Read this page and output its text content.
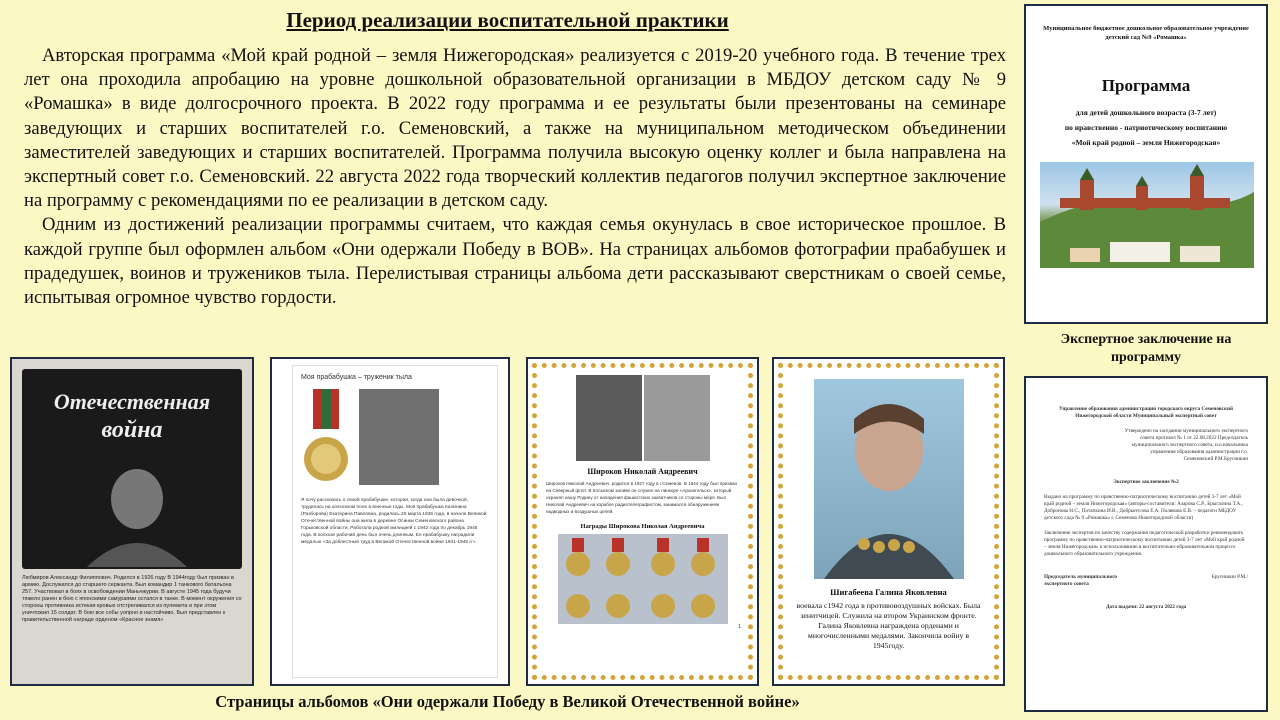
Период реализации воспитательной практики

Авторская программа «Мой край родной – земля Нижегородская» реализуется с 2019-20 учебного года. В течение трех лет она проходила апробацию на уровне дошкольной образовательной организации в МБДОУ детском саду № 9 «Ромашка» в виде долгосрочного проекта. В 2022 году программа и ее результаты были презентованы на семинаре заведующих и старших воспитателей г.о. Семеновский, а также на муниципальном методическом объединении заместителей заведующих и старших воспитателей. Программа получила высокую оценку коллег и была направлена на экспертный совет г.о. Семеновский. 22 августа 2022 года творческий коллектив педагогов получил экспертное заключение на программу с рекомендациями по ее реализации в детском саду.

Одним из достижений реализации программы считаем, что каждая семья окунулась в свое историческое прошлое. В каждой группе был оформлен альбом «Они одержали Победу в ВОВ». На страницах альбомов фотографии прабабушек и прадедушек, воинов и тружеников тыла. Перелистывая страницы альбома дети рассказывают сверстникам о своей семье, испытывая огромное чувство гордости.

Муниципальное бюджетное дошкольное образовательное учреждение детский сад №9 «Ромашка»
Программа
для детей дошкольного возраста (3-7 лет)
по нравственно - патриотическому воспитанию
«Мой край родной – земля Нижегородская»
Экспертное заключение на программу
Управление образования администрации городского округа Семеновский Нижегородской области Муниципальный экспертный совет
Утверждено на заседании муниципального экспертного совета протокол № 1 от 22.08.2022 Председатель муниципального экспертного совета, и.о.начальника управления образования администрации г.о. Семеновский Р.М.Брусникин
Экспертное заключение №2
Выдано на программу по нравственно-патриотическому воспитанию детей 3-7 лет «Мой край родной – земля Нижегородская» (авторы-составители: Азарова С.Р., Брыгалина Т.А., Добронова Н.С., Потапкина И.В., Добрынтсова Е.А. Полякова Е.В. – педагоги МБДОУ детского сада № 9 «Ромашка» г. Семенова Нижегородской области)
Заключение экспертов по качеству содержания педагогической разработки рекомендовать программу по нравственно-патриотическому воспитанию детей 3-7 лет «Мой край родной – земля Нижегородская» к использованию в воспитательно-образовательном процессе дошкольного образовательного учреждения.
Председатель муниципального экспертного совета
Брусникин Р.М./
Дата выдачи: 22 августа 2022 года
Отечественная
война
Любмиров Александр Филиппович. Родился в 1926 году В 1944году был призван в армию. Дослужился до старшего сержанта. Был командир 1 танкового батальона 257. Участвовал в боях в освобождении Маньчжурии. В августе 1945 года будучи тяжело ранен в бою с японскими самураями остался в танке. В момент окружения со стороны противника истекая кровью отстреливался из пулемета и при этом уничтожил 15 солдат. В бою все собы уопрно и настойчиво. Был представлен к правительственной награде орденом «Красное знамя»
Моя прабабушка – труженик тыла
Я хочу рассказать о своей прабабушке, которая, когда она была девочкой, трудилась на колхозном поле в военные годы. Моя прабабушка Калинина (Разборова) Екатерина Павловна, родилась 20 марта 1936 года, в начале Великой Отечественной войны она жила в деревне Осинки Семеновского района Горьковской области. Работала родной милицией с 1942 года по декабрь 1945 года. В колхозе рабочий день был очень длинным. Ее прабабушку наградили медалью «За доблестный труд в Великой Отечественной войне 1941-1945 гг».
Широков Николай Андреевич
Широков Николай Андреевич, родился в 1927 году в г.Семенов. В 1944 году был призван на Северный флот. В Колыском заливе он служил на линкоре «Архангельск», который охранял нашу Родину от нападения фашистских захватчиков со стороны моря. Был Николай Андреевич на корабле радиотелеграфистом, занимался обнаружением надводных и воздушных целей.
Награды Широкова Николая Андреевича
1
Шигабеева Галина Яковлевна
воевала с1942 года в противовоздушных войсках. Была зенитчицей. Служила на втором Украинском фронте. Галина Яковлевна награждена орденами и многочисленными медалями. Закончила войну в 1945году.
Страницы альбомов «Они одержали Победу в Великой Отечественной войне»
